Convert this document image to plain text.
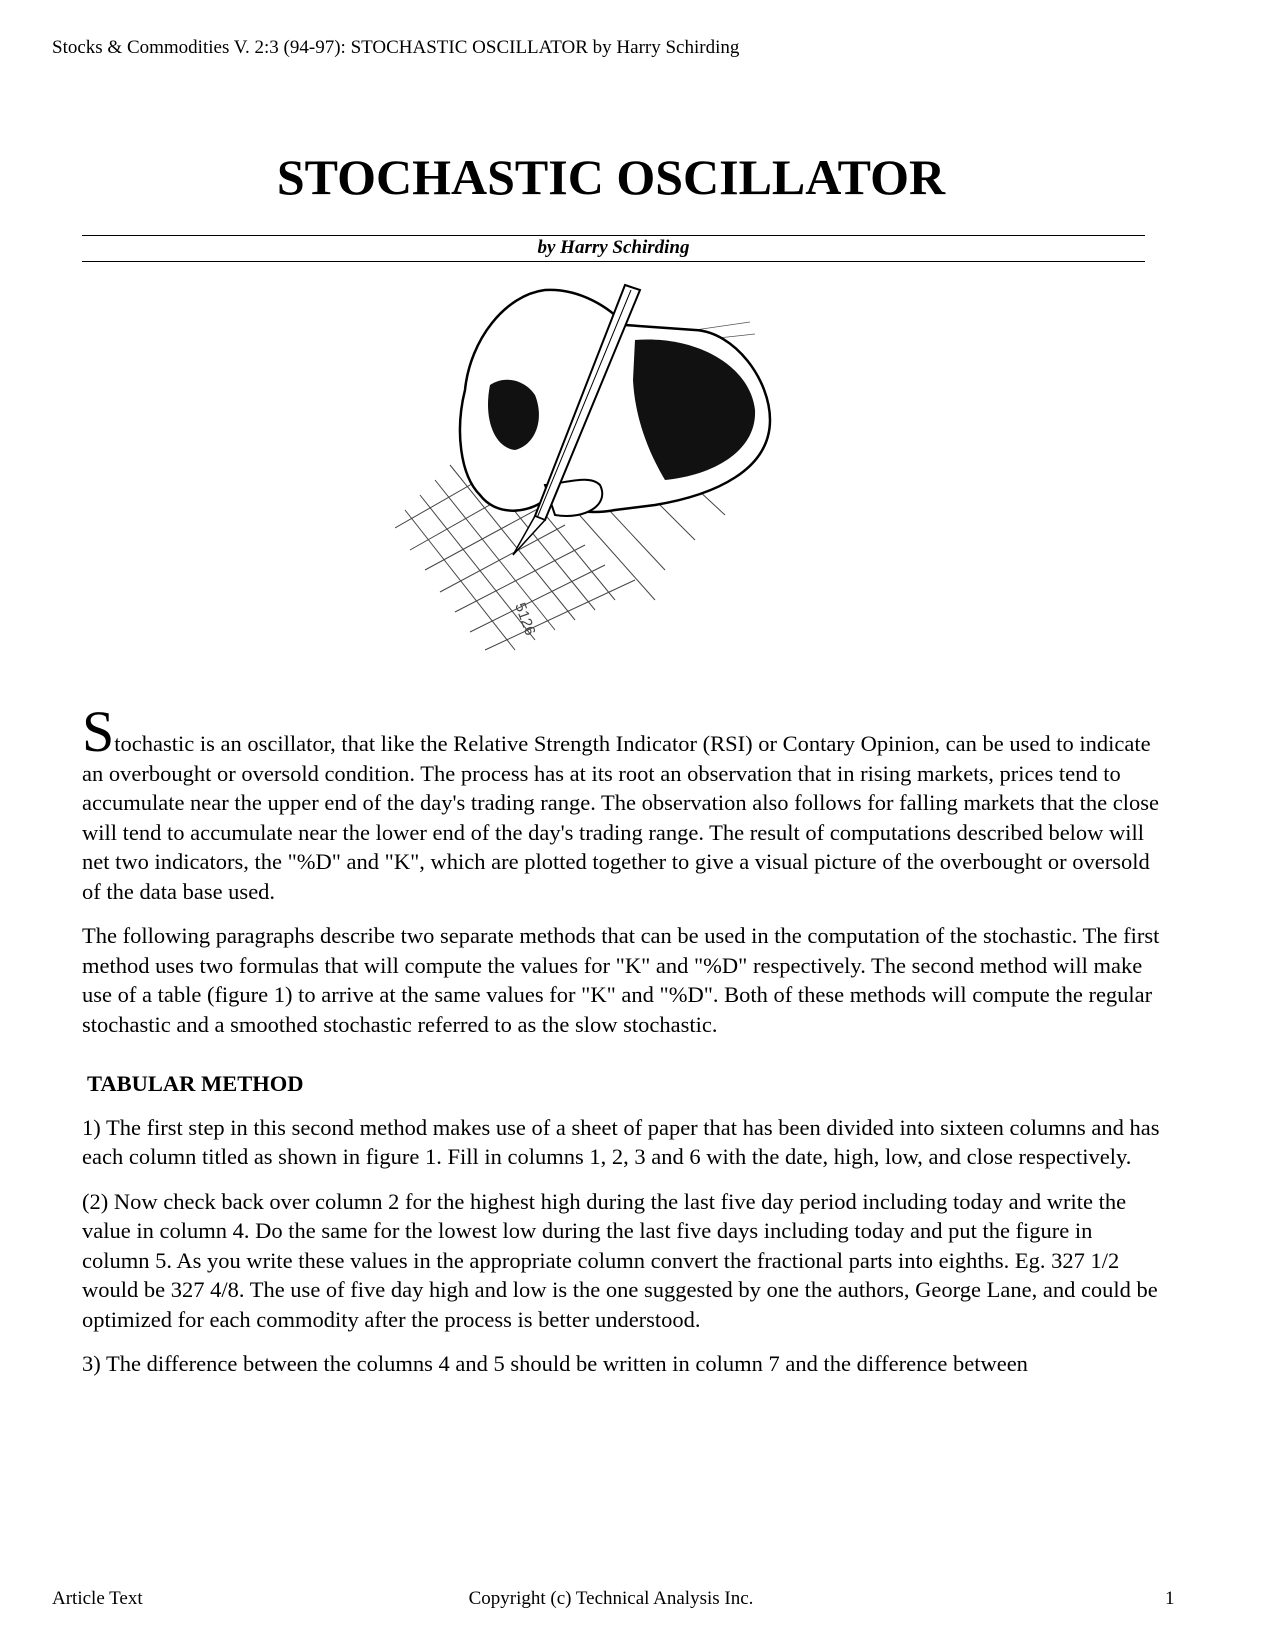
Stocks & Commodities V. 2:3 (94-97): STOCHASTIC OSCILLATOR by Harry Schirding
STOCHASTIC OSCILLATOR
by Harry Schirding
5126

Stochastic is an oscillator, that like the Relative Strength Indicator (RSI) or Contary Opinion, can be used to indicate an overbought or oversold condition. The process has at its root an observation that in rising markets, prices tend to accumulate near the upper end of the day's trading range. The observation also follows for falling markets that the close will tend to accumulate near the lower end of the day's trading range. The result of computations described below will net two indicators, the "%D" and "K", which are plotted together to give a visual picture of the overbought or oversold of the data base used.

The following paragraphs describe two separate methods that can be used in the computation of the stochastic. The first method uses two formulas that will compute the values for "K" and "%D" respectively. The second method will make use of a table (figure 1) to arrive at the same values for "K" and "%D". Both of these methods will compute the regular stochastic and a smoothed stochastic referred to as the slow stochastic.

TABULAR METHOD

1) The first step in this second method makes use of a sheet of paper that has been divided into sixteen columns and has each column titled as shown in figure 1. Fill in columns 1, 2, 3 and 6 with the date, high, low, and close respectively.

(2) Now check back over column 2 for the highest high during the last five day period including today and write the value in column 4. Do the same for the lowest low during the last five days including today and put the figure in column 5. As you write these values in the appropriate column convert the fractional parts into eighths. Eg. 327 1/2 would be 327 4/8. The use of five day high and low is the one suggested by one the authors, George Lane, and could be optimized for each commodity after the process is better understood.

3) The difference between the columns 4 and 5 should be written in column 7 and the difference between

Article Text	Copyright (c) Technical Analysis Inc.	1
